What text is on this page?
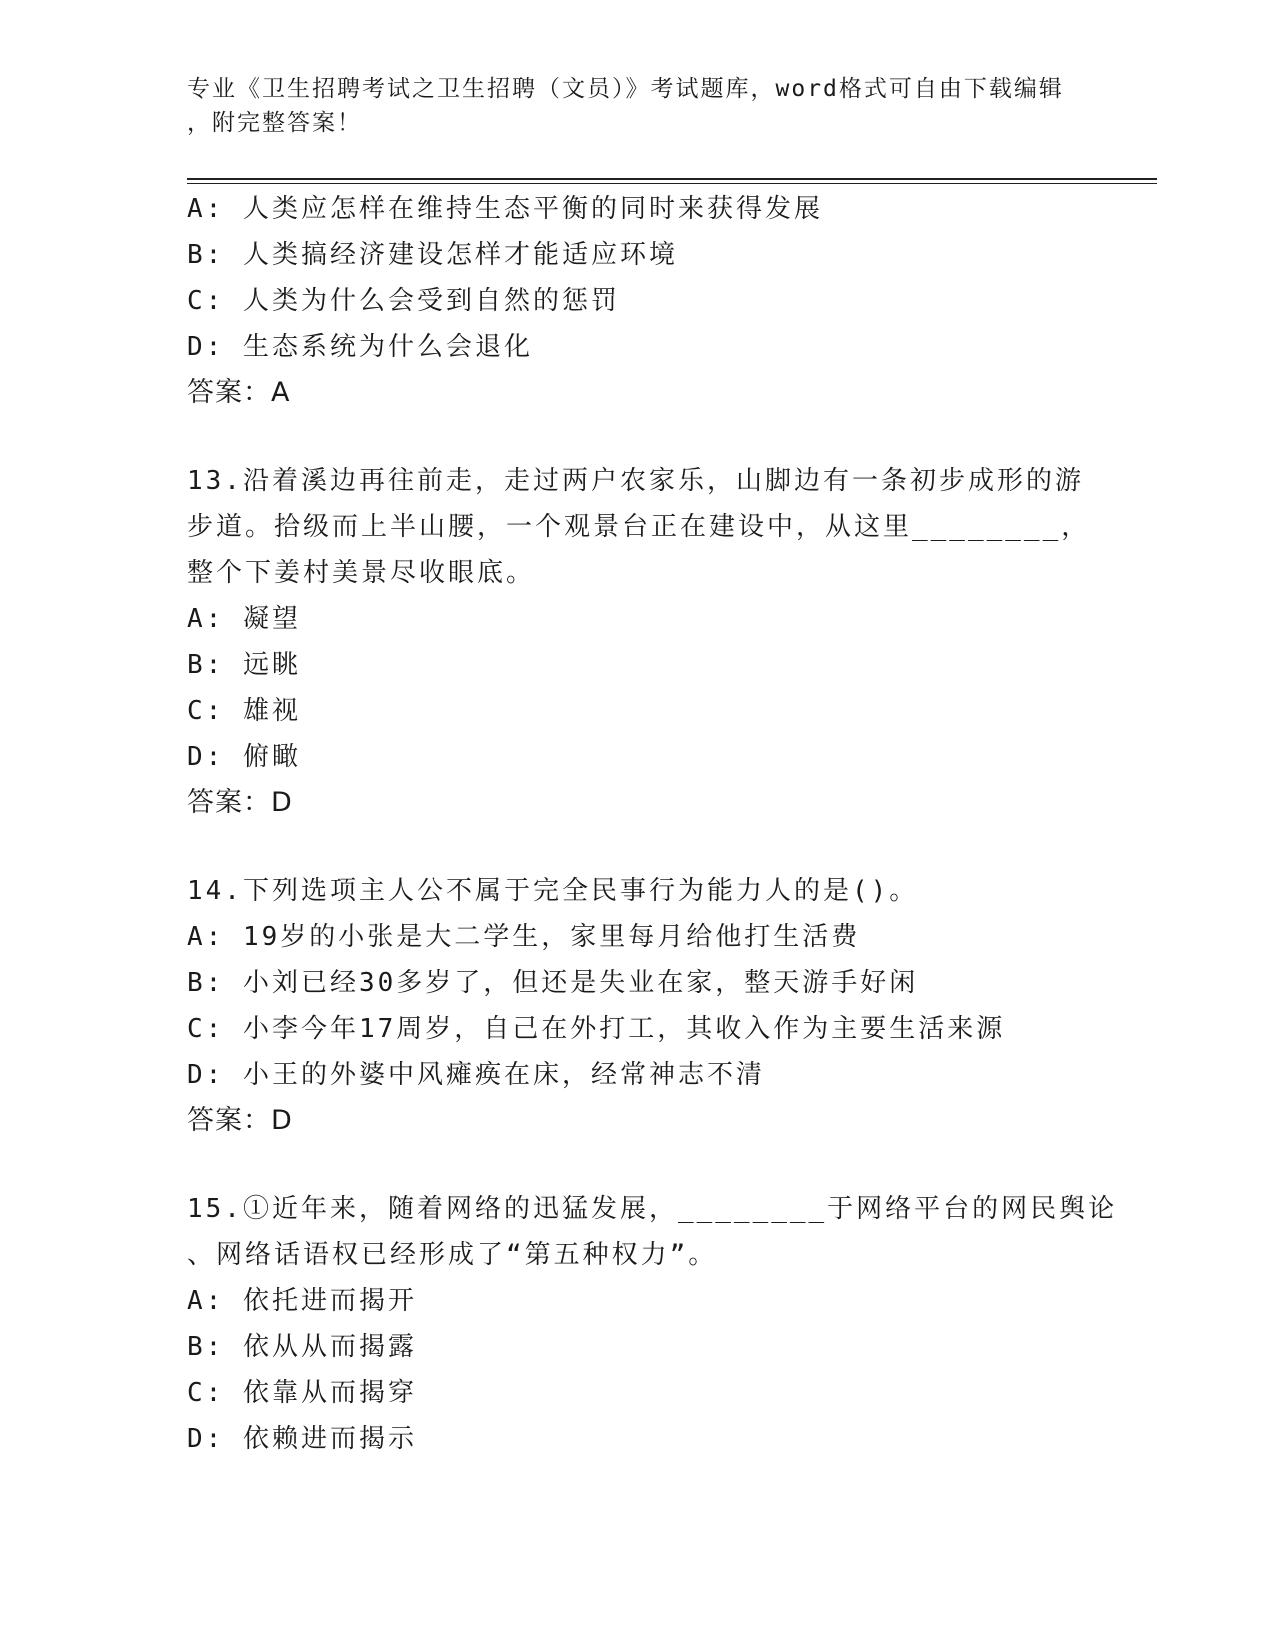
专业《卫生招聘考试之卫生招聘（文员）》考试题库，word格式可自由下载编辑
，附完整答案！
A: 人类应怎样在维持生态平衡的同时来获得发展
B: 人类搞经济建设怎样才能适应环境
C: 人类为什么会受到自然的惩罚
D: 生态系统为什么会退化
答案：A
13.沿着溪边再往前走，走过两户农家乐，山脚边有一条初步成形的游
步道。拾级而上半山腰，一个观景台正在建设中，从这里________，
整个下姜村美景尽收眼底。
A: 凝望
B: 远眺
C: 雄视
D: 俯瞰
答案：D
14.下列选项主人公不属于完全民事行为能力人的是()。
A: 19岁的小张是大二学生，家里每月给他打生活费
B: 小刘已经30多岁了，但还是失业在家，整天游手好闲
C: 小李今年17周岁，自己在外打工，其收入作为主要生活来源
D: 小王的外婆中风瘫痪在床，经常神志不清
答案：D
15.①近年来，随着网络的迅猛发展，________于网络平台的网民舆论
、网络话语权已经形成了“第五种权力”。
A: 依托进而揭开
B: 依从从而揭露
C: 依靠从而揭穿
D: 依赖进而揭示
